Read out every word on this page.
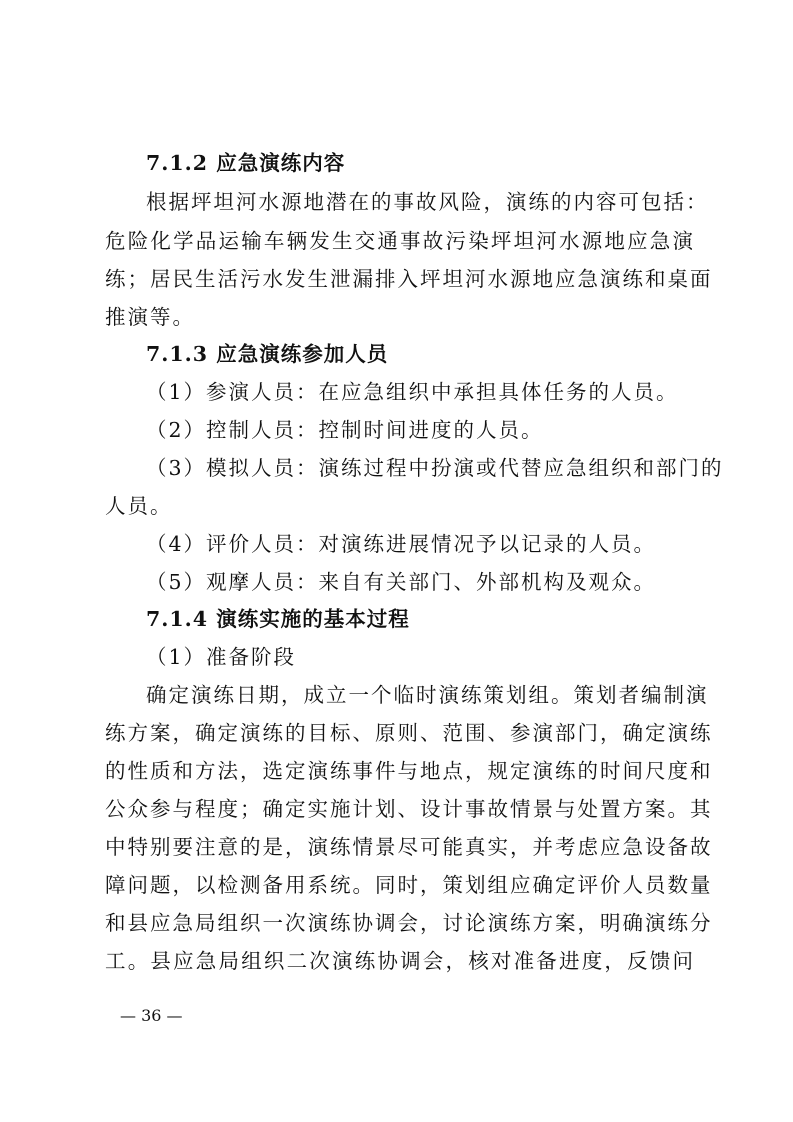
7.1.2 应急演练内容
根据坪坦河水源地潜在的事故风险，演练的内容可包括：
危险化学品运输车辆发生交通事故污染坪坦河水源地应急演
练；居民生活污水发生泄漏排入坪坦河水源地应急演练和桌面
推演等。
7.1.3 应急演练参加人员
（1）参演人员：在应急组织中承担具体任务的人员。
（2）控制人员：控制时间进度的人员。
（3）模拟人员：演练过程中扮演或代替应急组织和部门的
人员。
（4）评价人员：对演练进展情况予以记录的人员。
（5）观摩人员：来自有关部门、外部机构及观众。
7.1.4 演练实施的基本过程
（1）准备阶段
确定演练日期，成立一个临时演练策划组。策划者编制演
练方案，确定演练的目标、原则、范围、参演部门，确定演练
的性质和方法，选定演练事件与地点，规定演练的时间尺度和
公众参与程度；确定实施计划、设计事故情景与处置方案。其
中特别要注意的是，演练情景尽可能真实，并考虑应急设备故
障问题，以检测备用系统。同时，策划组应确定评价人员数量
和县应急局组织一次演练协调会，讨论演练方案，明确演练分
工。县应急局组织二次演练协调会，核对准备进度，反馈问
— 36 —
